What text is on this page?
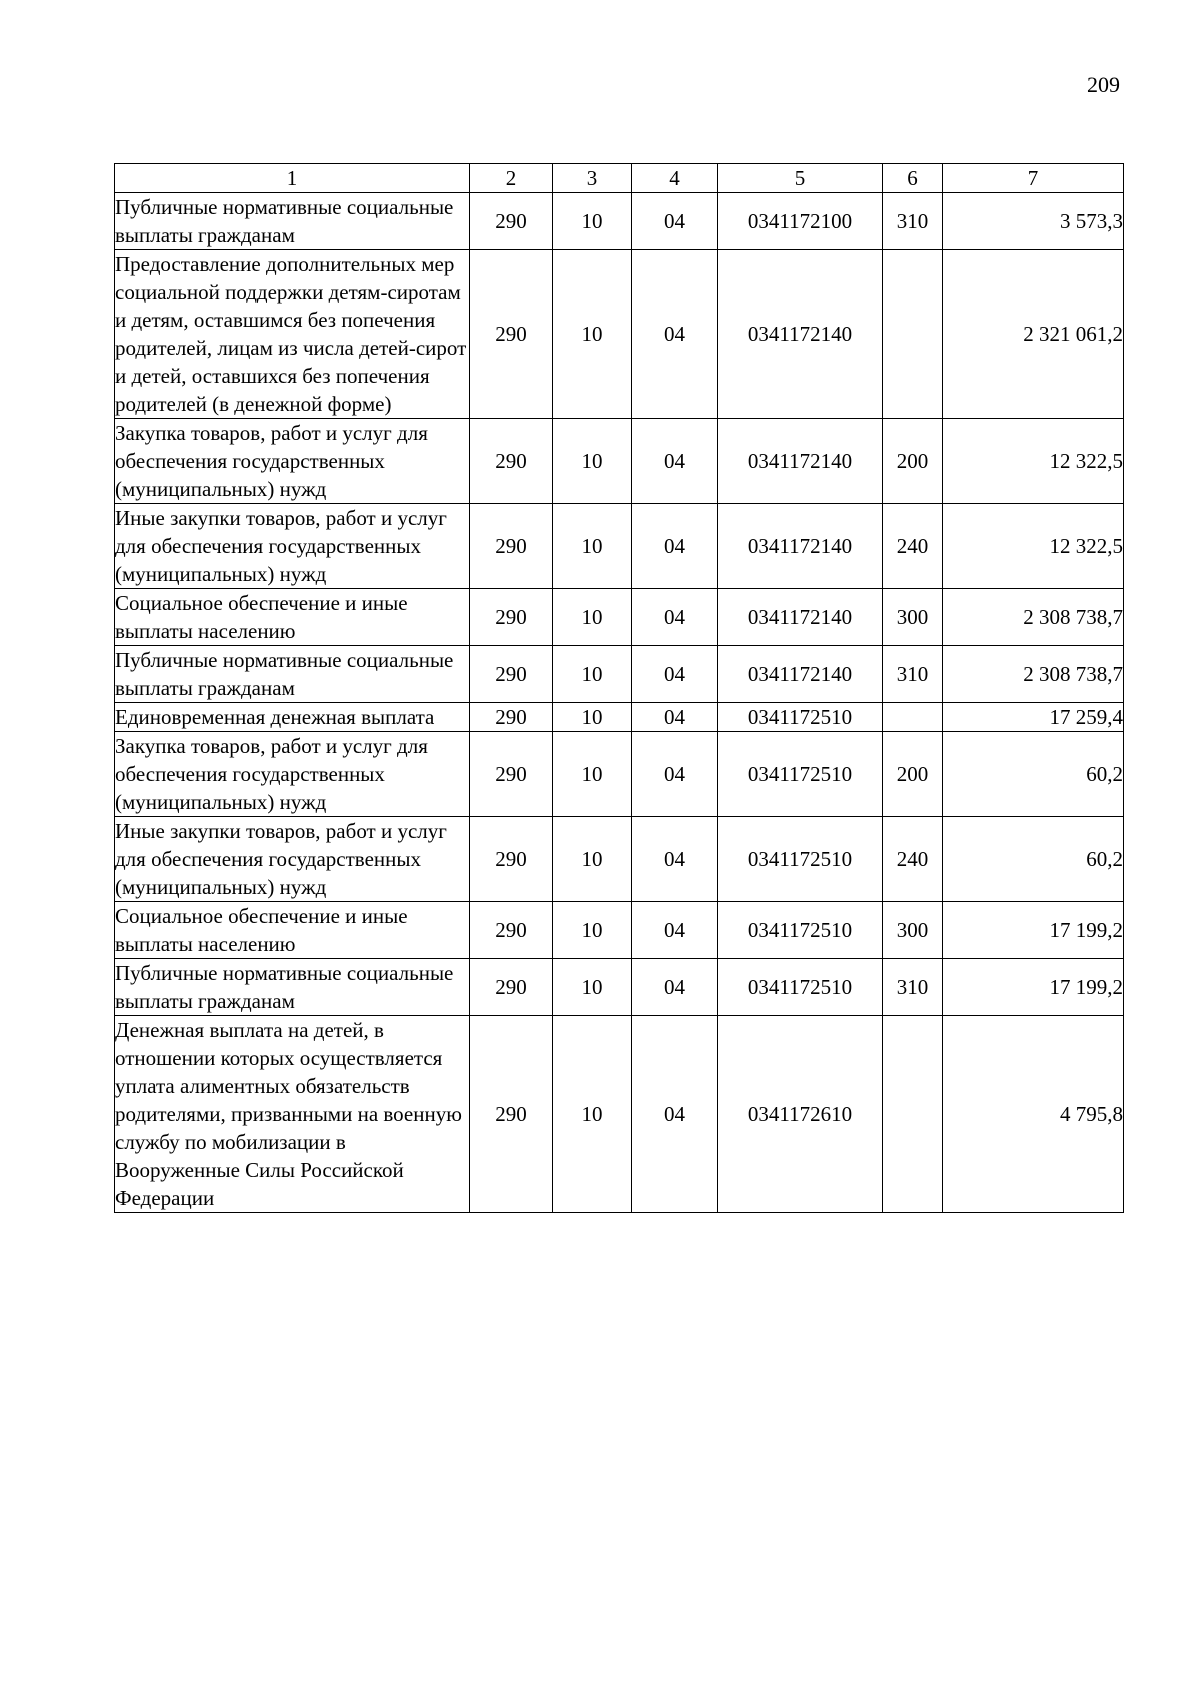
209
1	2	3	4	5	6	7
Публичные нормативные социальные выплаты гражданам	290	10	04	0341172100	310	3 573,3
Предоставление дополнительных мер социальной поддержки детям-сиротам и детям, оставшимся без попечения родителей, лицам из числа детей-сирот и детей, оставшихся без попечения родителей (в денежной форме)	290	10	04	0341172140		2 321 061,2
Закупка товаров, работ и услуг для обеспечения государственных (муниципальных) нужд	290	10	04	0341172140	200	12 322,5
Иные закупки товаров, работ и услуг для обеспечения государственных (муниципальных) нужд	290	10	04	0341172140	240	12 322,5
Социальное обеспечение и иные выплаты населению	290	10	04	0341172140	300	2 308 738,7
Публичные нормативные социальные выплаты гражданам	290	10	04	0341172140	310	2 308 738,7
Единовременная денежная выплата	290	10	04	0341172510		17 259,4
Закупка товаров, работ и услуг для обеспечения государственных (муниципальных) нужд	290	10	04	0341172510	200	60,2
Иные закупки товаров, работ и услуг для обеспечения государственных (муниципальных) нужд	290	10	04	0341172510	240	60,2
Социальное обеспечение и иные выплаты населению	290	10	04	0341172510	300	17 199,2
Публичные нормативные социальные выплаты гражданам	290	10	04	0341172510	310	17 199,2
Денежная выплата на детей, в отношении которых осуществляется уплата алиментных обязательств родителями, призванными на военную службу по мобилизации в Вооруженные Силы Российской Федерации	290	10	04	0341172610		4 795,8
